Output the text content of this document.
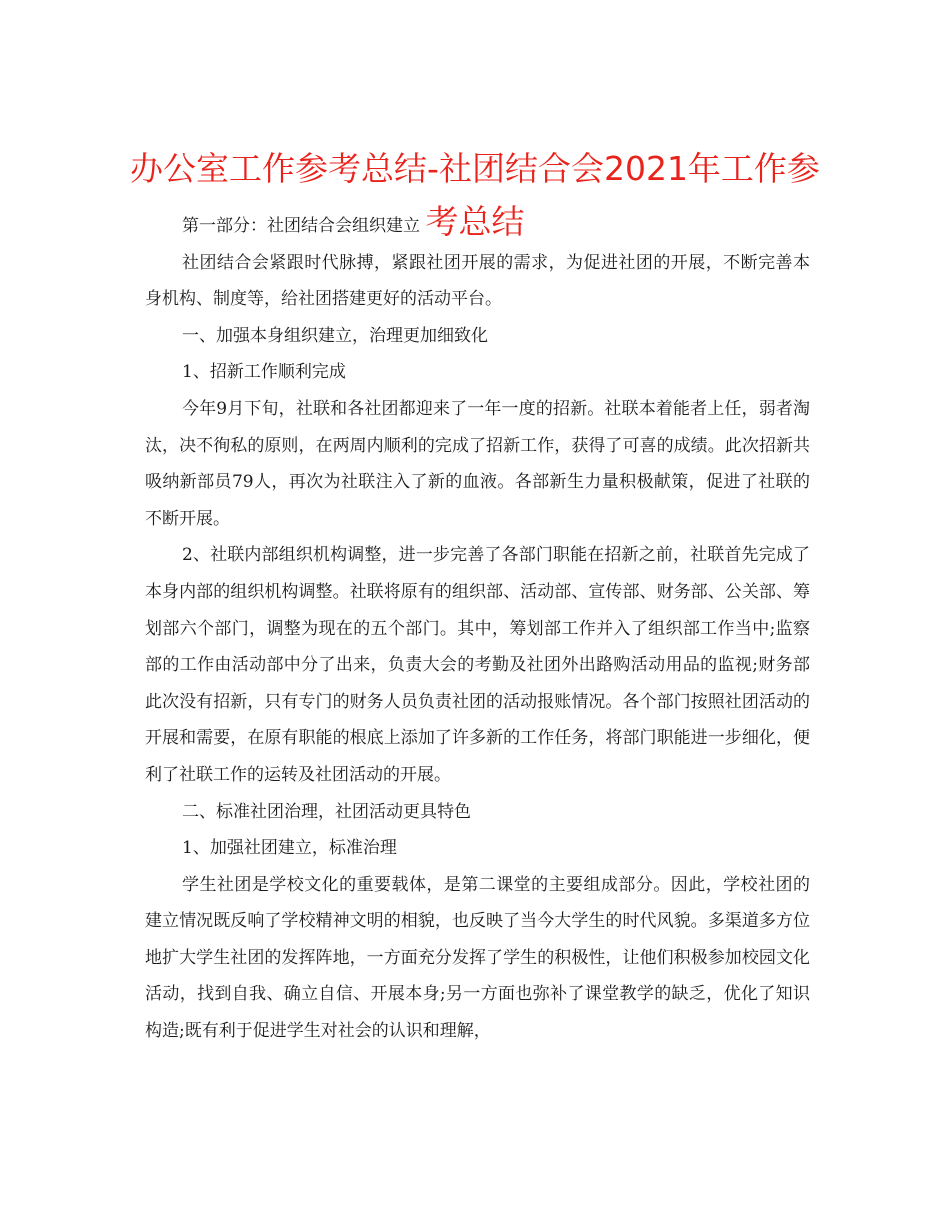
办公室工作参考总结-社团结合会2021年工作参考总结

第一部分：社团结合会组织建立

社团结合会紧跟时代脉搏，紧跟社团开展的需求，为促进社团的开展，不断完善本身机构、制度等，给社团搭建更好的活动平台。

一、加强本身组织建立，治理更加细致化

1、招新工作顺利完成

今年9月下旬，社联和各社团都迎来了一年一度的招新。社联本着能者上任，弱者淘汰，决不徇私的原则，在两周内顺利的完成了招新工作，获得了可喜的成绩。此次招新共吸纳新部员79人，再次为社联注入了新的血液。各部新生力量积极献策，促进了社联的不断开展。

2、社联内部组织机构调整，进一步完善了各部门职能在招新之前，社联首先完成了本身内部的组织机构调整。社联将原有的组织部、活动部、宣传部、财务部、公关部、筹划部六个部门，调整为现在的五个部门。其中，筹划部工作并入了组织部工作当中;监察部的工作由活动部中分了出来，负责大会的考勤及社团外出路购活动用品的监视;财务部此次没有招新，只有专门的财务人员负责社团的活动报账情况。各个部门按照社团活动的开展和需要，在原有职能的根底上添加了许多新的工作任务，将部门职能进一步细化，便利了社联工作的运转及社团活动的开展。

二、标准社团治理，社团活动更具特色

1、加强社团建立，标准治理

学生社团是学校文化的重要载体，是第二课堂的主要组成部分。因此，学校社团的建立情况既反响了学校精神文明的相貌，也反映了当今大学生的时代风貌。多渠道多方位地扩大学生社团的发挥阵地，一方面充分发挥了学生的积极性，让他们积极参加校园文化活动，找到自我、确立自信、开展本身;另一方面也弥补了课堂教学的缺乏，优化了知识构造;既有利于促进学生对社会的认识和理解，
